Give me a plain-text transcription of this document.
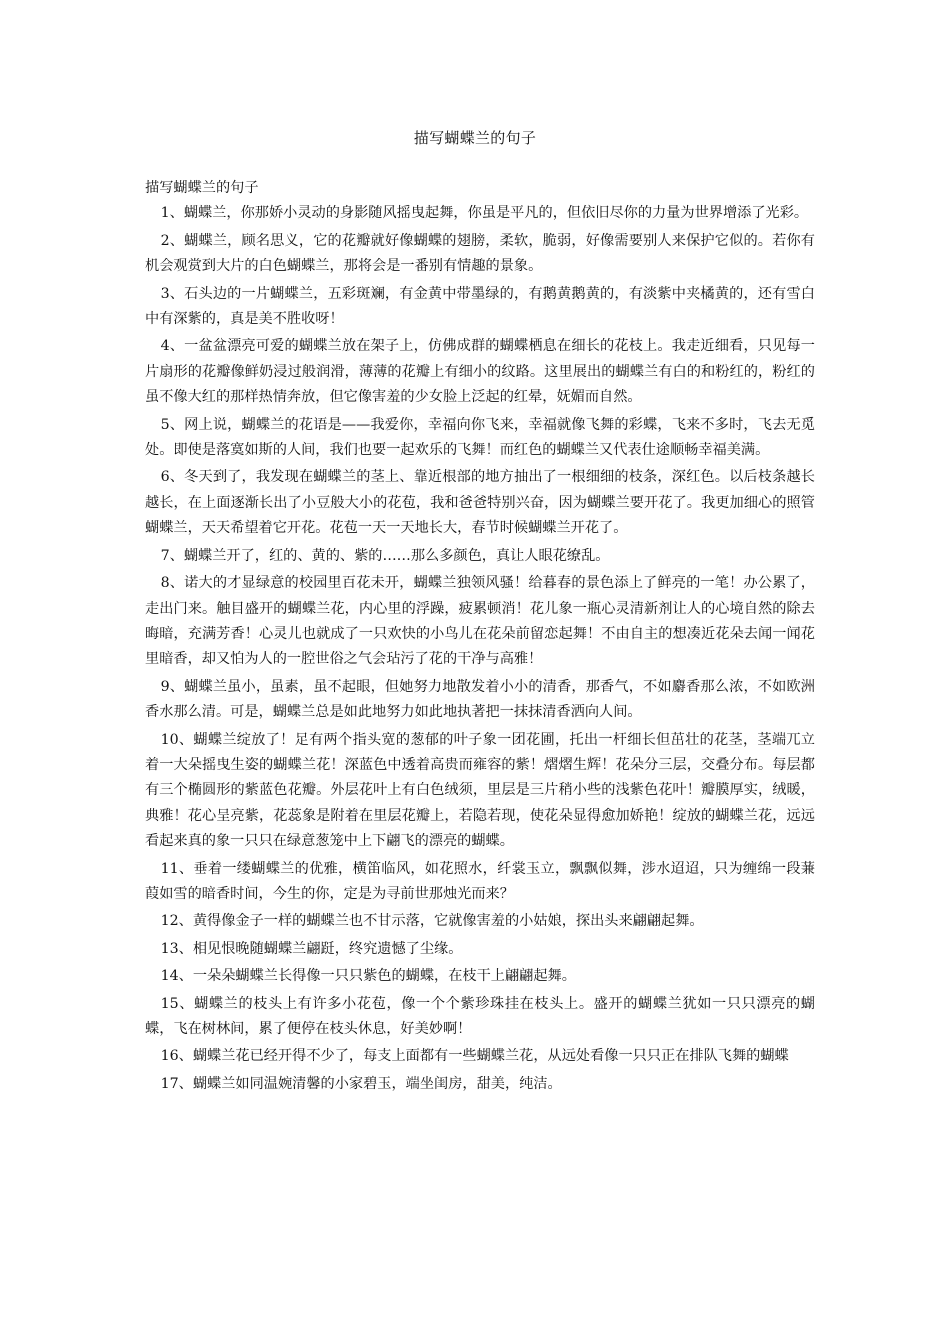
描写蝴蝶兰的句子
描写蝴蝶兰的句子

1、蝴蝶兰，你那娇小灵动的身影随风摇曳起舞，你虽是平凡的，但依旧尽你的力量为世界增添了光彩。

2、蝴蝶兰，顾名思义，它的花瓣就好像蝴蝶的翅膀，柔软，脆弱，好像需要别人来保护它似的。若你有机会观赏到大片的白色蝴蝶兰，那将会是一番别有情趣的景象。

3、石头边的一片蝴蝶兰，五彩斑斓，有金黄中带墨绿的，有鹅黄鹅黄的，有淡紫中夹橘黄的，还有雪白中有深紫的，真是美不胜收呀！

4、一盆盆漂亮可爱的蝴蝶兰放在架子上，仿佛成群的蝴蝶栖息在细长的花枝上。我走近细看，只见每一片扇形的花瓣像鲜奶浸过般润滑，薄薄的花瓣上有细小的纹路。这里展出的蝴蝶兰有白的和粉红的，粉红的虽不像大红的那样热情奔放，但它像害羞的少女脸上泛起的红晕，妩媚而自然。

5、网上说，蝴蝶兰的花语是——我爱你，幸福向你飞来，幸福就像飞舞的彩蝶，飞来不多时，飞去无觅处。即使是落寞如斯的人间，我们也要一起欢乐的飞舞！而红色的蝴蝶兰又代表仕途顺畅幸福美满。

6、冬天到了，我发现在蝴蝶兰的茎上、靠近根部的地方抽出了一根细细的枝条，深红色。以后枝条越长越长，在上面逐渐长出了小豆般大小的花苞，我和爸爸特别兴奋，因为蝴蝶兰要开花了。我更加细心的照管蝴蝶兰，天天希望着它开花。花苞一天一天地长大，春节时候蝴蝶兰开花了。

7、蝴蝶兰开了，红的、黄的、紫的……那么多颜色，真让人眼花缭乱。

8、诺大的才显绿意的校园里百花未开，蝴蝶兰独领风骚！给暮春的景色添上了鲜亮的一笔！办公累了，走出门来。触目盛开的蝴蝶兰花，内心里的浮躁，疲累顿消！花儿象一瓶心灵清新剂让人的心境自然的除去晦暗，充满芳香！心灵儿也就成了一只欢快的小鸟儿在花朵前留恋起舞！不由自主的想凑近花朵去闻一闻花里暗香，却又怕为人的一腔世俗之气会玷污了花的干净与高雅！

9、蝴蝶兰虽小，虽素，虽不起眼，但她努力地散发着小小的清香，那香气，不如麝香那么浓，不如欧洲香水那么清。可是，蝴蝶兰总是如此地努力如此地执著把一抹抹清香洒向人间。

10、蝴蝶兰绽放了！足有两个指头宽的葱郁的叶子象一团花圃，托出一杆细长但茁壮的花茎，茎端兀立着一大朵摇曳生姿的蝴蝶兰花！深蓝色中透着高贵而雍容的紫！熠熠生辉！花朵分三层，交叠分布。每层都有三个椭圆形的紫蓝色花瓣。外层花叶上有白色绒须，里层是三片稍小些的浅紫色花叶！瓣膜厚实，绒暖，典雅！花心呈亮紫，花蕊象是附着在里层花瓣上，若隐若现，使花朵显得愈加娇艳！绽放的蝴蝶兰花，远远看起来真的象一只只在绿意葱笼中上下翩飞的漂亮的蝴蝶。

11、垂着一缕蝴蝶兰的优雅，横笛临风，如花照水，纤裳玉立，飘飘似舞，涉水迢迢，只为缠绵一段蒹葭如雪的暗香时间，今生的你，定是为寻前世那烛光而来？

12、黄得像金子一样的蝴蝶兰也不甘示落，它就像害羞的小姑娘，探出头来翩翩起舞。

13、相见恨晚随蝴蝶兰翩跹，终究遗憾了尘缘。

14、一朵朵蝴蝶兰长得像一只只紫色的蝴蝶，在枝干上翩翩起舞。

15、蝴蝶兰的枝头上有许多小花苞，像一个个紫珍珠挂在枝头上。盛开的蝴蝶兰犹如一只只漂亮的蝴蝶，飞在树林间，累了便停在枝头休息，好美妙啊！

16、蝴蝶兰花已经开得不少了，每支上面都有一些蝴蝶兰花，从远处看像一只只正在排队飞舞的蝴蝶

17、蝴蝶兰如同温婉清馨的小家碧玉，端坐闺房，甜美，纯洁。
